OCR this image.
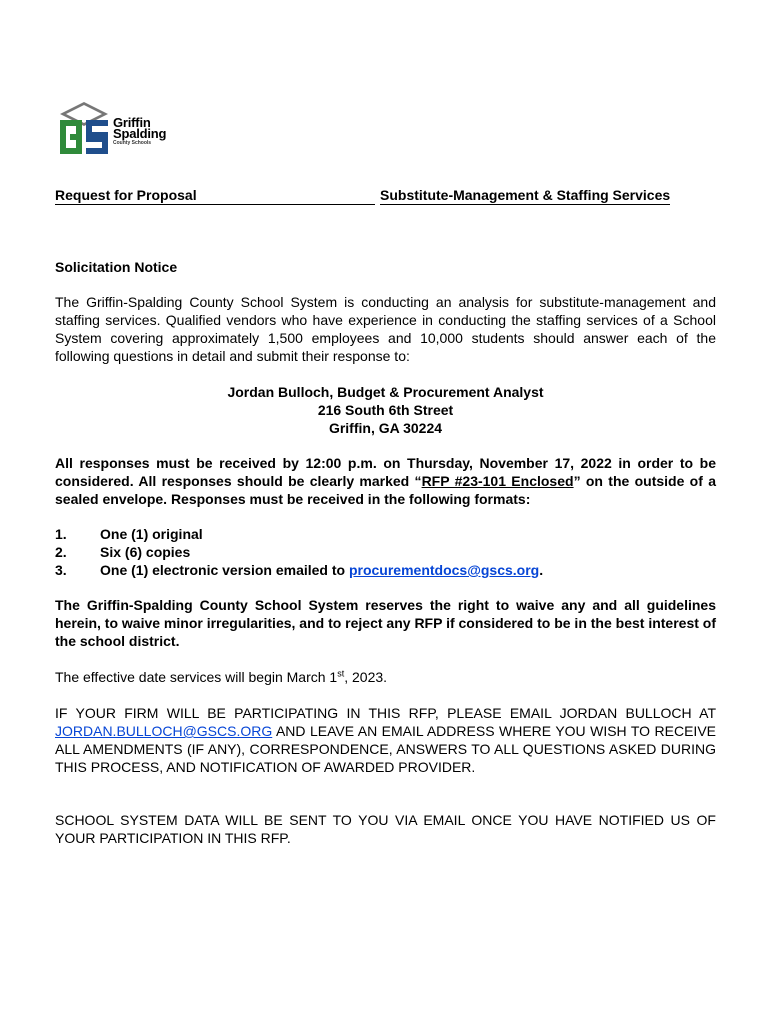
Griffin
Spalding
County Schools
Request for Proposal	Substitute-Management & Staffing Services
Solicitation Notice
The Griffin-Spalding County School System is conducting an analysis for substitute-management and staffing services. Qualified vendors who have experience in conducting the staffing services of a School System covering approximately 1,500 employees and 10,000 students should answer each of the following questions in detail and submit their response to:
Jordan Bulloch, Budget & Procurement Analyst
216 South 6th Street
Griffin, GA 30224
All responses must be received by 12:00 p.m. on Thursday, November 17, 2022 in order to be considered. All responses should be clearly marked “RFP #23-101 Enclosed” on the outside of a sealed envelope. Responses must be received in the following formats:
1.	One (1) original
2.	Six (6) copies
3.	One (1) electronic version emailed to procurementdocs@gscs.org.
The Griffin-Spalding County School System reserves the right to waive any and all guidelines herein, to waive minor irregularities, and to reject any RFP if considered to be in the best interest of the school district.
The effective date services will begin March 1st, 2023.
IF YOUR FIRM WILL BE PARTICIPATING IN THIS RFP, PLEASE EMAIL JORDAN BULLOCH AT JORDAN.BULLOCH@GSCS.ORG AND LEAVE AN EMAIL ADDRESS WHERE YOU WISH TO RECEIVE ALL AMENDMENTS (IF ANY), CORRESPONDENCE, ANSWERS TO ALL QUESTIONS ASKED DURING THIS PROCESS, AND NOTIFICATION OF AWARDED PROVIDER.
SCHOOL SYSTEM DATA WILL BE SENT TO YOU VIA EMAIL ONCE YOU HAVE NOTIFIED US OF YOUR PARTICIPATION IN THIS RFP.
